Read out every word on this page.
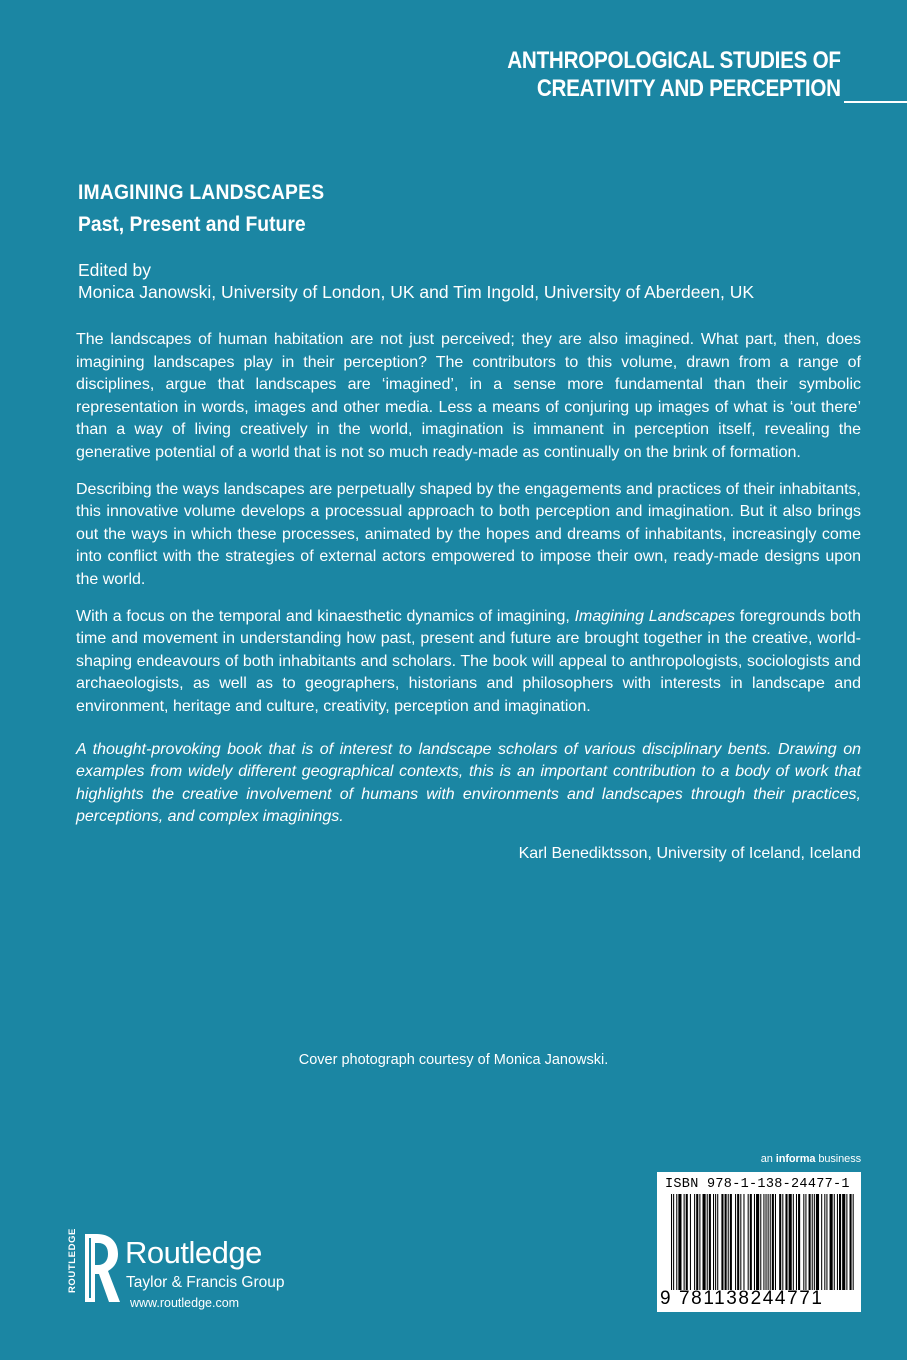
ANTHROPOLOGICAL STUDIES OF
CREATIVITY AND PERCEPTION
IMAGINING LANDSCAPES
Past, Present and Future
Edited by
Monica Janowski, University of London, UK and Tim Ingold, University of Aberdeen, UK

The landscapes of human habitation are not just perceived; they are also imagined. What part, then, does imagining landscapes play in their perception? The contributors to this volume, drawn from a range of disciplines, argue that landscapes are ‘imagined’, in a sense more fundamental than their symbolic representation in words, images and other media. Less a means of conjuring up images of what is ‘out there’ than a way of living creatively in the world, imagination is immanent in perception itself, revealing the generative potential of a world that is not so much ready-made as continually on the brink of formation.

Describing the ways landscapes are perpetually shaped by the engagements and practices of their inhabitants, this innovative volume develops a processual approach to both perception and imagination. But it also brings out the ways in which these processes, animated by the hopes and dreams of inhabitants, increasingly come into conflict with the strategies of external actors empowered to impose their own, ready-made designs upon the world.

With a focus on the temporal and kinaesthetic dynamics of imagining, Imagining Landscapes foregrounds both time and movement in understanding how past, present and future are brought together in the creative, world-shaping endeavours of both inhabitants and scholars. The book will appeal to anthropologists, sociologists and archaeologists, as well as to geographers, historians and philosophers with interests in landscape and environment, heritage and culture, creativity, perception and imagination.

A thought-provoking book that is of interest to landscape scholars of various disciplinary bents. Drawing on examples from widely different geographical contexts, this is an important contribution to a body of work that highlights the creative involvement of humans with environments and landscapes through their practices, perceptions, and complex imaginings.

Karl Benediktsson, University of Iceland, Iceland

Cover photograph courtesy of Monica Janowski.
an informa business
ISBN 978-1-138-24477-1
9 781138244771
ROUTLEDGE Routledge
Taylor & Francis Group
www.routledge.com
